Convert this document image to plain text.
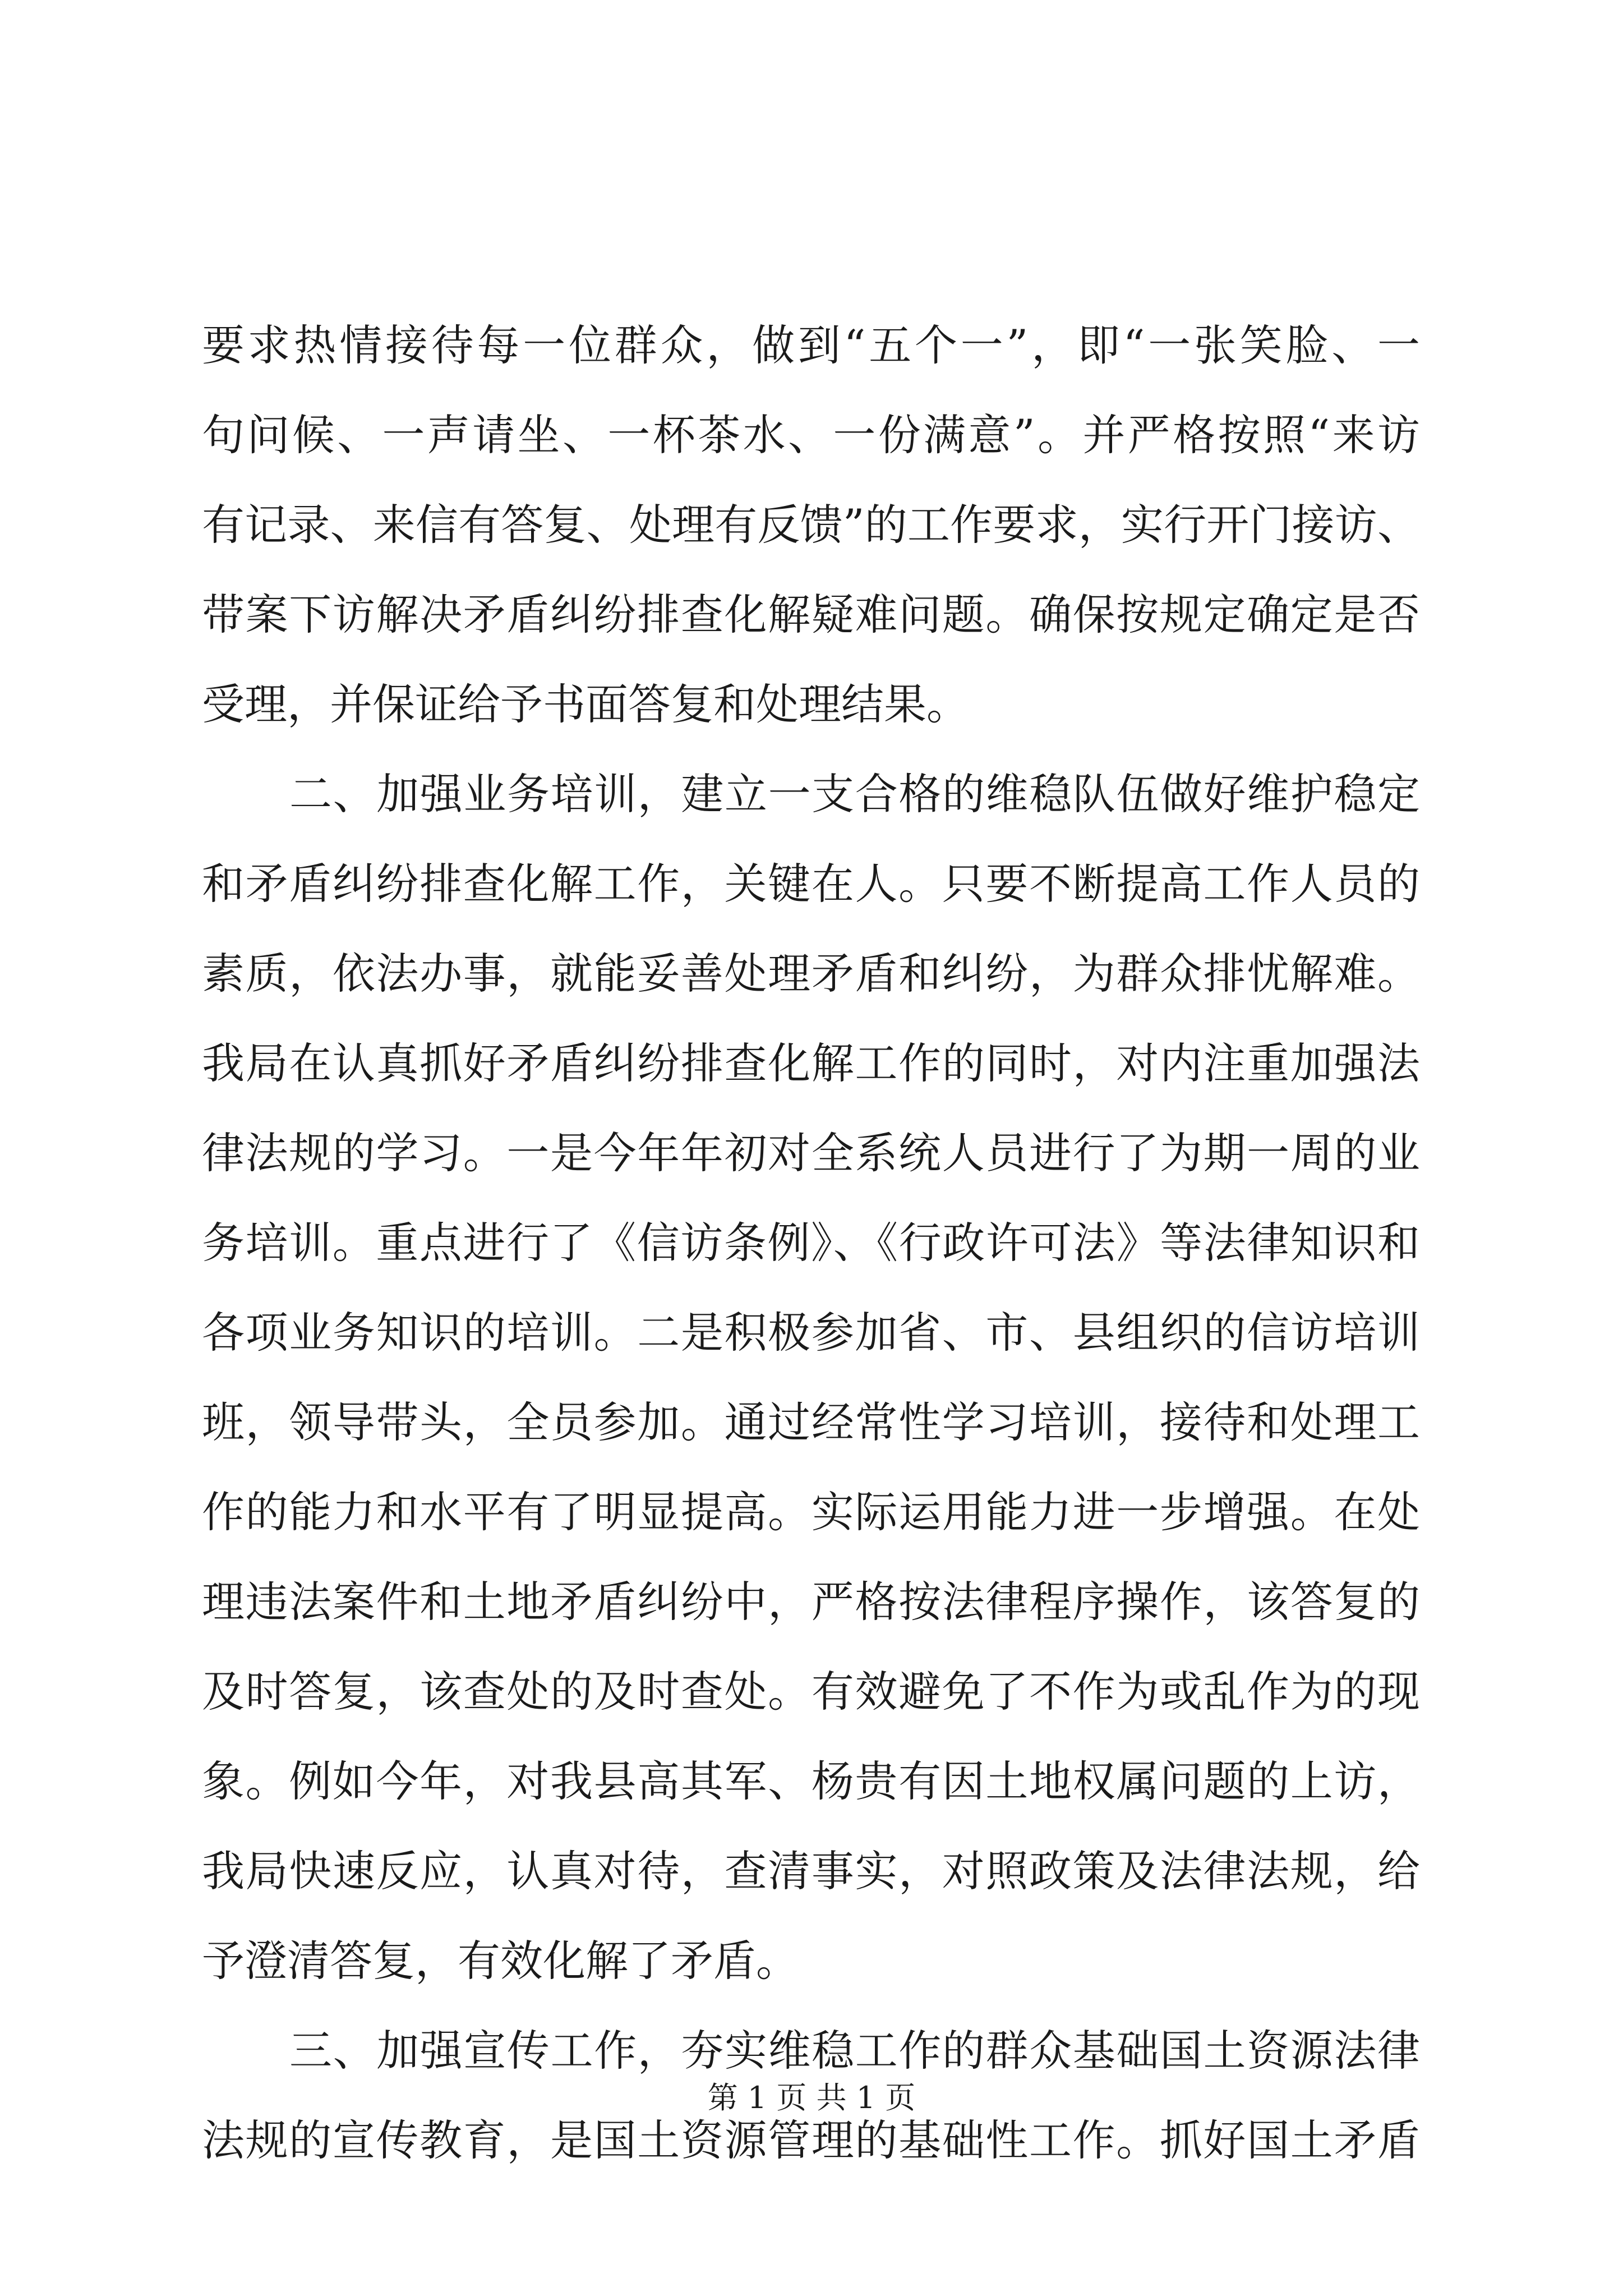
要求热情接待每一位群众，做到“五个一”，即“一张笑脸、一
句问候、一声请坐、一杯茶水、一份满意”。并严格按照“来访
有记录、来信有答复、处理有反馈”的工作要求，实行开门接访、
带案下访解决矛盾纠纷排查化解疑难问题。确保按规定确定是否
受理，并保证给予书面答复和处理结果。
二、加强业务培训，建立一支合格的维稳队伍做好维护稳定
和矛盾纠纷排查化解工作，关键在人。只要不断提高工作人员的
素质，依法办事，就能妥善处理矛盾和纠纷，为群众排忧解难。
我局在认真抓好矛盾纠纷排查化解工作的同时，对内注重加强法
律法规的学习。一是今年年初对全系统人员进行了为期一周的业
务培训。重点进行了《信访条例》、《行政许可法》等法律知识和
各项业务知识的培训。二是积极参加省、市、县组织的信访培训
班，领导带头，全员参加。通过经常性学习培训，接待和处理工
作的能力和水平有了明显提高。实际运用能力进一步增强。在处
理违法案件和土地矛盾纠纷中，严格按法律程序操作，该答复的
及时答复，该查处的及时查处。有效避免了不作为或乱作为的现
象。例如今年，对我县高其军、杨贵有因土地权属问题的上访，
我局快速反应，认真对待，查清事实，对照政策及法律法规，给
予澄清答复，有效化解了矛盾。
三、加强宣传工作，夯实维稳工作的群众基础国土资源法律
法规的宣传教育，是国土资源管理的基础性工作。抓好国土矛盾
第 1 页 共 1 页
